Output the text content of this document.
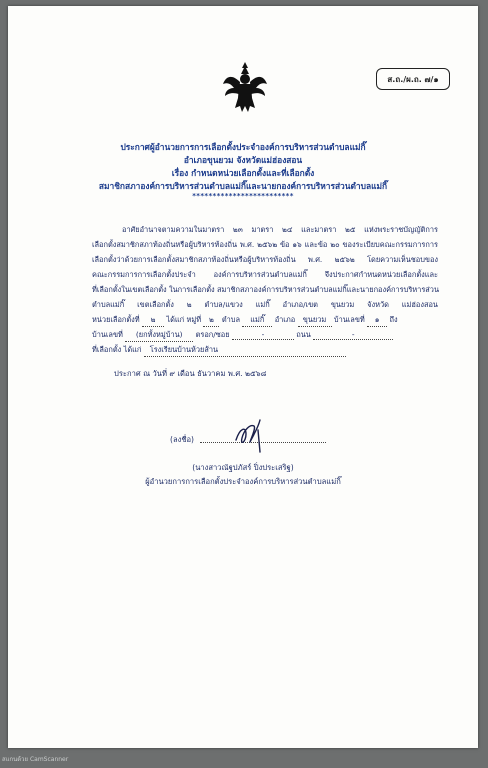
ส.ถ./ผ.ถ. ๗/๑
ประกาศผู้อำนวยการการเลือกตั้งประจำองค์การบริหารส่วนตำบลแม่กิ๊
อำเภอขุนยวม จังหวัดแม่ฮ่องสอน
เรื่อง กำหนดหน่วยเลือกตั้งและที่เลือกตั้ง
สมาชิกสภาองค์การบริหารส่วนตำบลแม่กิ๊และนายกองค์การบริหารส่วนตำบลแม่กิ๊
*************************
อาศัยอำนาจตามความในมาตรา ๒๓ มาตรา ๒๔ และมาตรา ๒๕ แห่งพระราชบัญญัติการ
เลือกตั้งสมาชิกสภาท้องถิ่นหรือผู้บริหารท้องถิ่น พ.ศ. ๒๕๖๒ ข้อ ๑๖ และข้อ ๒๐ ของระเบียบคณะกรรมการการ
เลือกตั้งว่าด้วยการเลือกตั้งสมาชิกสภาท้องถิ่นหรือผู้บริหารท้องถิ่น พ.ศ. ๒๕๖๒ โดยความเห็นชอบของ
คณะกรรมการการเลือกตั้งประจำ องค์การบริหารส่วนตำบลแม่กิ๊ จึงประกาศกำหนดหน่วยเลือกตั้งและ
ที่เลือกตั้งในเขตเลือกตั้ง ในการเลือกตั้ง สมาชิกสภาองค์การบริหารส่วนตำบลแม่กิ๊และนายกองค์การบริหารส่วน
ตำบลแม่กิ๊ เขตเลือกตั้ง ๒ ตำบล/แขวง แม่กิ๊ อำเภอ/เขต ขุนยวม จังหวัด แม่ฮ่องสอน
หน่วยเลือกตั้งที่ ๒ ได้แก่ หมู่ที่ ๒ ตำบล แม่กิ๊ อำเภอ ขุนยวม บ้านเลขที่ ๑ ถึง
บ้านเลขที่ (ยกทั้งหมู่บ้าน) ตรอก/ซอย	-	ถนน	-
ที่เลือกตั้ง ได้แก่ โรงเรียนบ้านห้วยส้าน
ประกาศ ณ วันที่ ๙ เดือน ธันวาคม พ.ศ. ๒๕๖๘
(ลงชื่อ)
(นางสาวณัฐปภัสร์ ปิ่งประเสริฐ)
ผู้อำนวยการการเลือกตั้งประจำองค์การบริหารส่วนตำบลแม่กิ๊
สแกนด้วย CamScanner
